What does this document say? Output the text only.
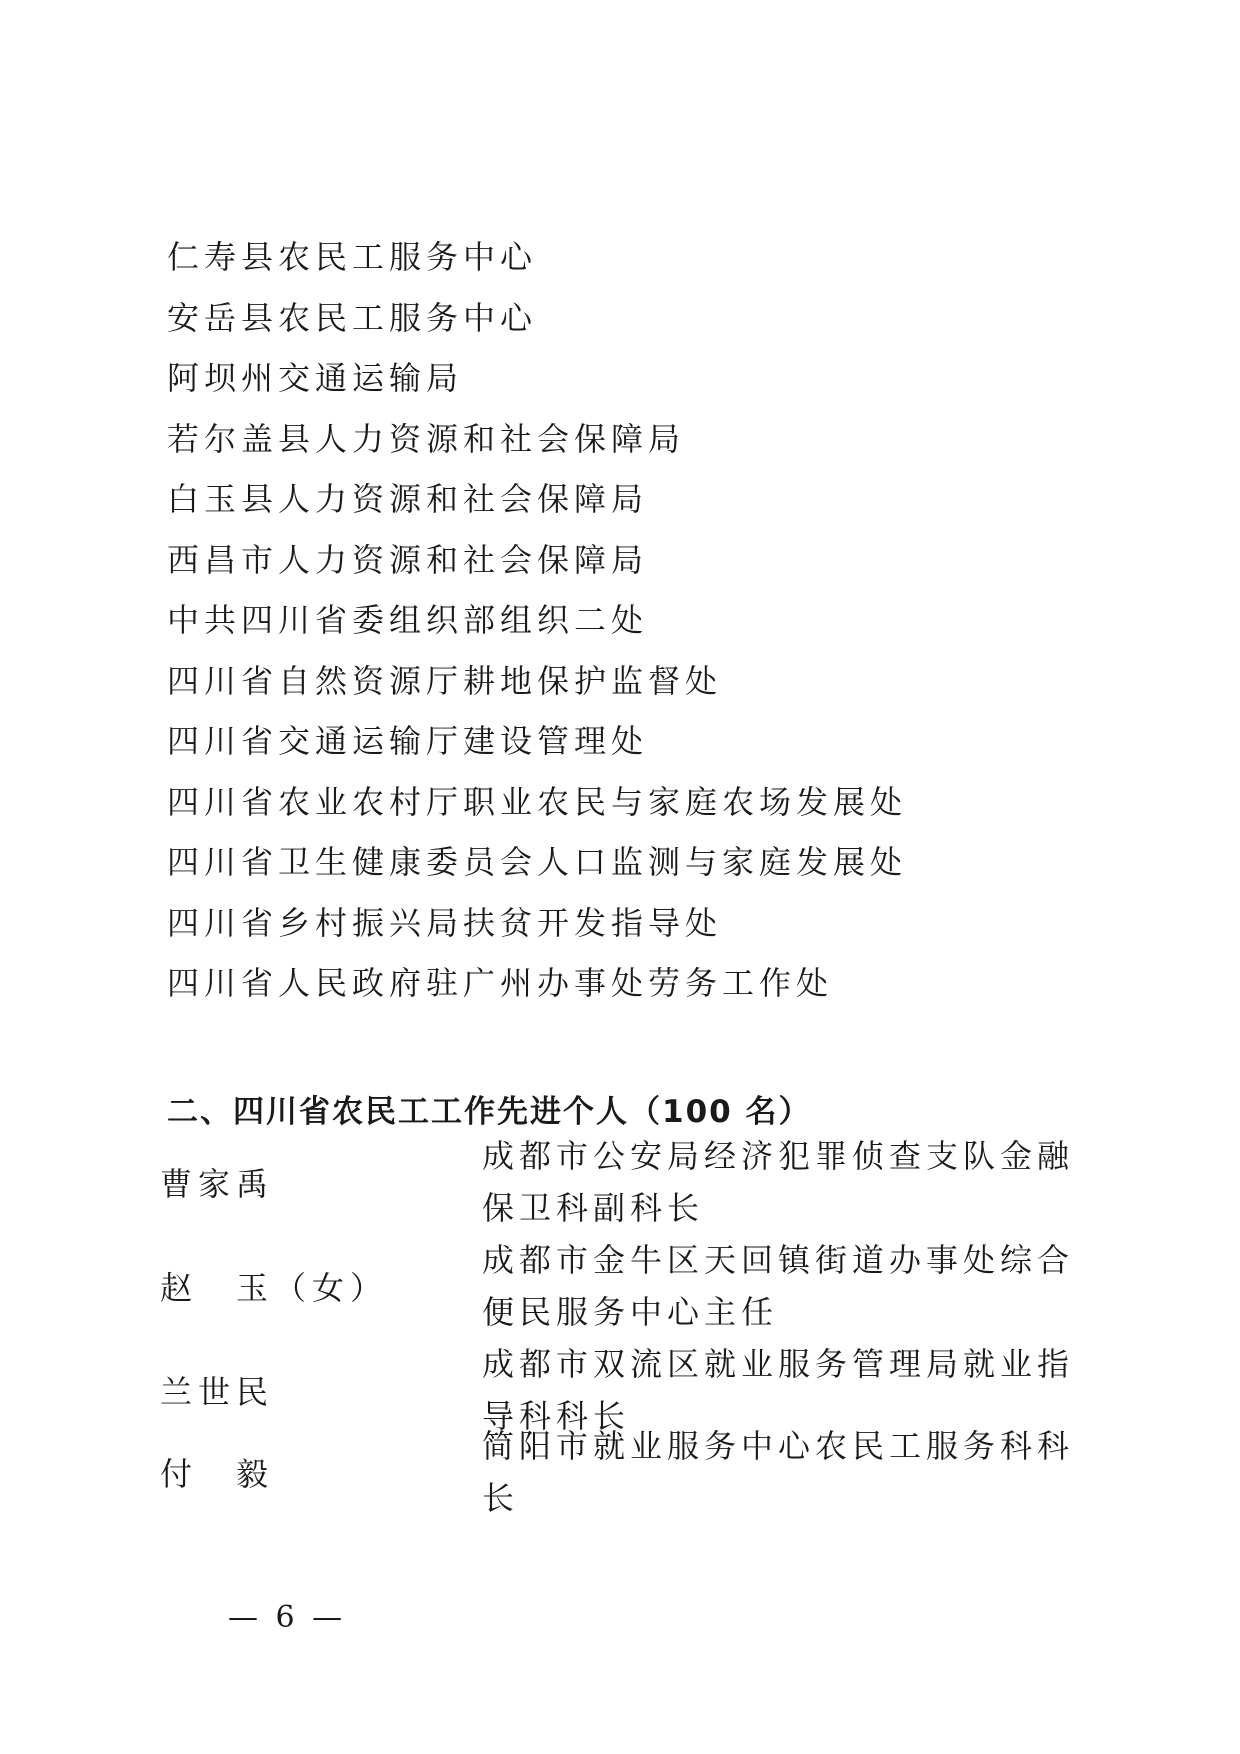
仁寿县农民工服务中心
安岳县农民工服务中心
阿坝州交通运输局
若尔盖县人力资源和社会保障局
白玉县人力资源和社会保障局
西昌市人力资源和社会保障局
中共四川省委组织部组织二处
四川省自然资源厅耕地保护监督处
四川省交通运输厅建设管理处
四川省农业农村厅职业农民与家庭农场发展处
四川省卫生健康委员会人口监测与家庭发展处
四川省乡村振兴局扶贫开发指导处
四川省人民政府驻广州办事处劳务工作处
二、四川省农民工工作先进个人（100 名）
曹家禹
成都市公安局经济犯罪侦查支队金融保卫科副科长
赵　玉（女）
成都市金牛区天回镇街道办事处综合便民服务中心主任
兰世民
成都市双流区就业服务管理局就业指导科科长
付　毅
简阳市就业服务中心农民工服务科科长
— 6 —
